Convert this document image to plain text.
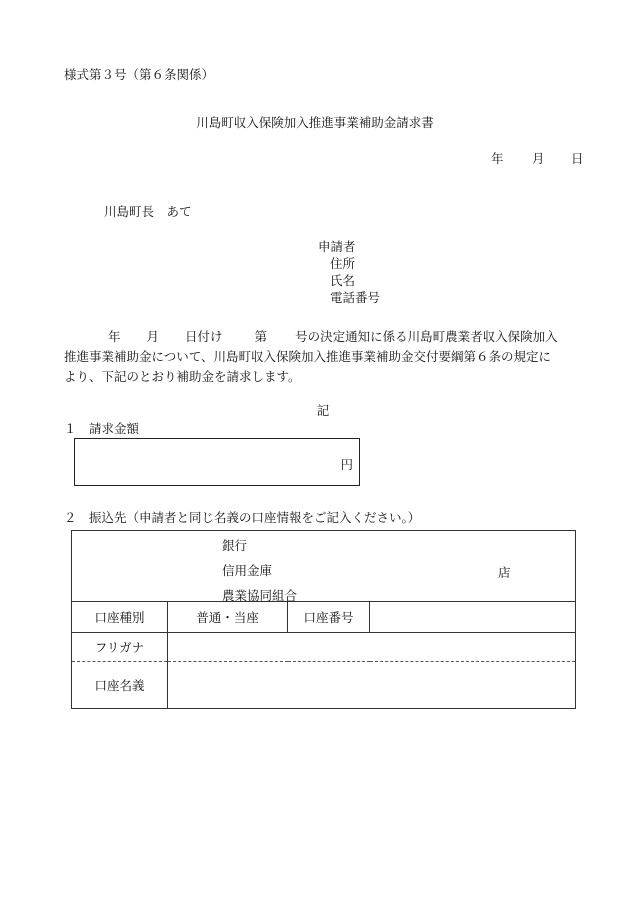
様式第３号（第６条関係）
川島町収入保険加入推進事業補助金請求書
年 月 日
川島町長　あて
申請者
住所
氏名
電話番号
年 月 日付け	第 号の決定通知に係る川島町農業者収入保険加入
推進事業補助金について、川島町収入保険加入推進事業補助金交付要綱第６条の規定に
より、下記のとおり補助金を請求します。
記
１　請求金額
円
２　振込先（申請者と同じ名義の口座情報をご記入ください。）
銀行
信用金庫
農業協同組合
店			

口座種別	普通・当座	口座番号	
フリガナ			
口座名義			
